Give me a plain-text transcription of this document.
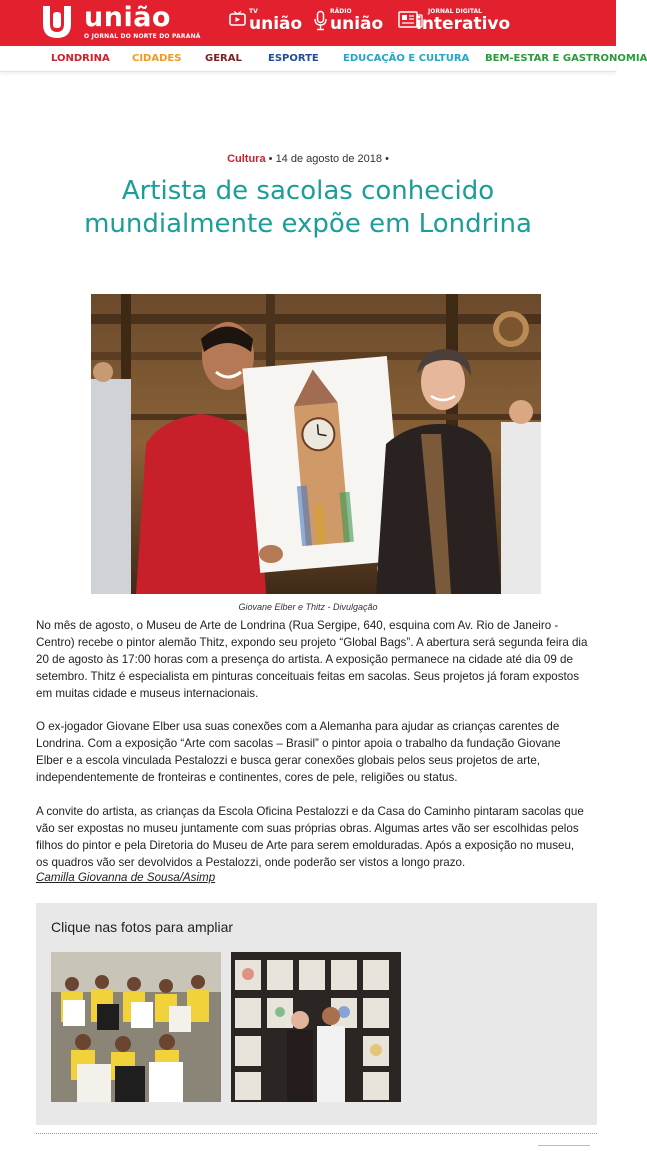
união
O JORNAL DO NORTE DO PARANÁ
TV
união
RÁDIO
união
JORNAL DIGITAL
interativo
LONDRINA CIDADES GERAL	ESPORTE EDUCAÇÃO E CULTURA BEM-ESTAR E GASTRONOMIA
Cultura • 14 de agosto de 2018 •
Artista de sacolas conhecido mundialmente expõe em Londrina
Giovane Elber e Thitz - Divulgação

No mês de agosto, o Museu de Arte de Londrina (Rua Sergipe, 640, esquina com Av. Rio de Janeiro - Centro) recebe o pintor alemão Thitz, expondo seu projeto “Global Bags”. A abertura será segunda feira dia 20 de agosto às 17:00 horas com a presença do artista. A exposição permanece na cidade até dia 09 de setembro. Thitz é especialista em pinturas conceituais feitas em sacolas. Seus projetos já foram expostos em muitas cidade e museus internacionais.

O ex-jogador Giovane Elber usa suas conexões com a Alemanha para ajudar as crianças carentes de Londrina. Com a exposição “Arte com sacolas – Brasil” o pintor apoia o trabalho da fundação Giovane Elber e a escola vinculada Pestalozzi e busca gerar conexões globais pelos seus projetos de arte, independentemente de fronteiras e continentes, cores de pele, religiões ou status.

A convite do artista, as crianças da Escola Oficina Pestalozzi e da Casa do Caminho pintaram sacolas que vão ser expostas no museu juntamente com suas próprias obras. Algumas artes vão ser escolhidas pelos filhos do pintor e pela Diretoria do Museu de Arte para serem emolduradas. Após a exposição no museu, os quadros vão ser devolvidos a Pestalozzi, onde poderão ser vistos a longo prazo.

Camilla Giovanna de Sousa/Asimp
Clique nas fotos para ampliar
